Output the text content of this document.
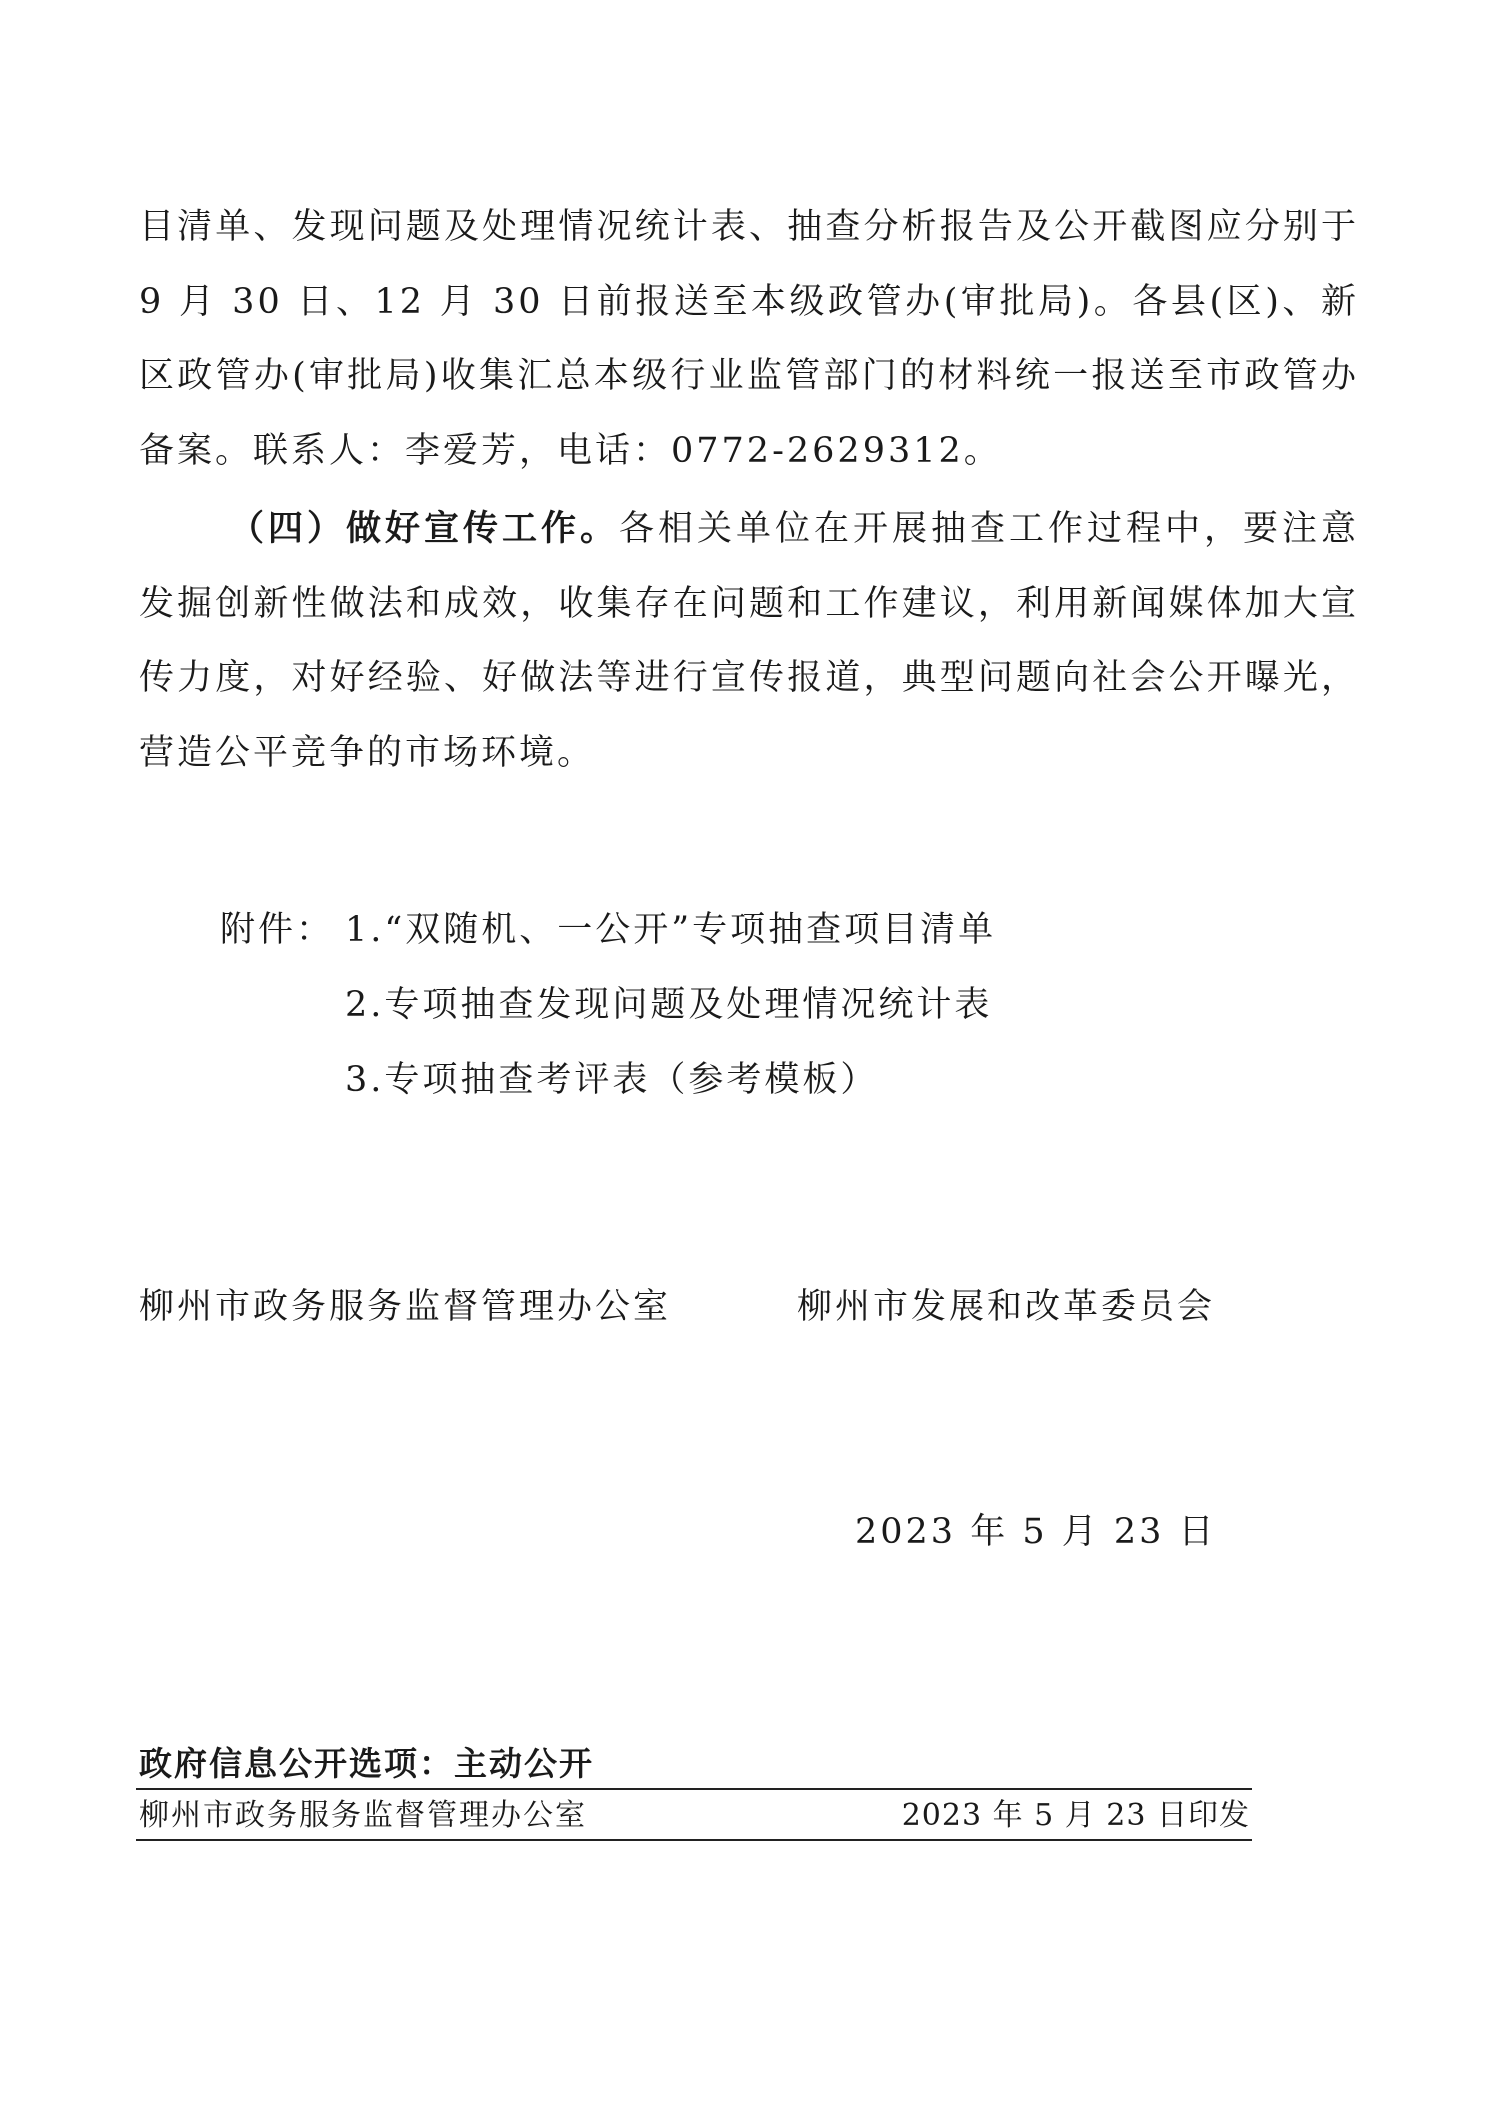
目清单、发现问题及处理情况统计表、抽查分析报告及公开截图应分别于 9 月 30 日、12 月 30 日前报送至本级政管办(审批局)。各县(区)、新区政管办(审批局)收集汇总本级行业监管部门的材料统一报送至市政管办备案。联系人：李爱芳，电话：0772-2629312。

（四）做好宣传工作。各相关单位在开展抽查工作过程中，要注意发掘创新性做法和成效，收集存在问题和工作建议，利用新闻媒体加大宣传力度，对好经验、好做法等进行宣传报道，典型问题向社会公开曝光，营造公平竞争的市场环境。

附件： 1.“双随机、一公开”专项抽查项目清单
2.专项抽查发现问题及处理情况统计表
3.专项抽查考评表（参考模板）
柳州市政务服务监督管理办公室	柳州市发展和改革委员会
2023 年 5 月 23 日
政府信息公开选项：主动公开
柳州市政务服务监督管理办公室	2023 年 5 月 23 日印发
